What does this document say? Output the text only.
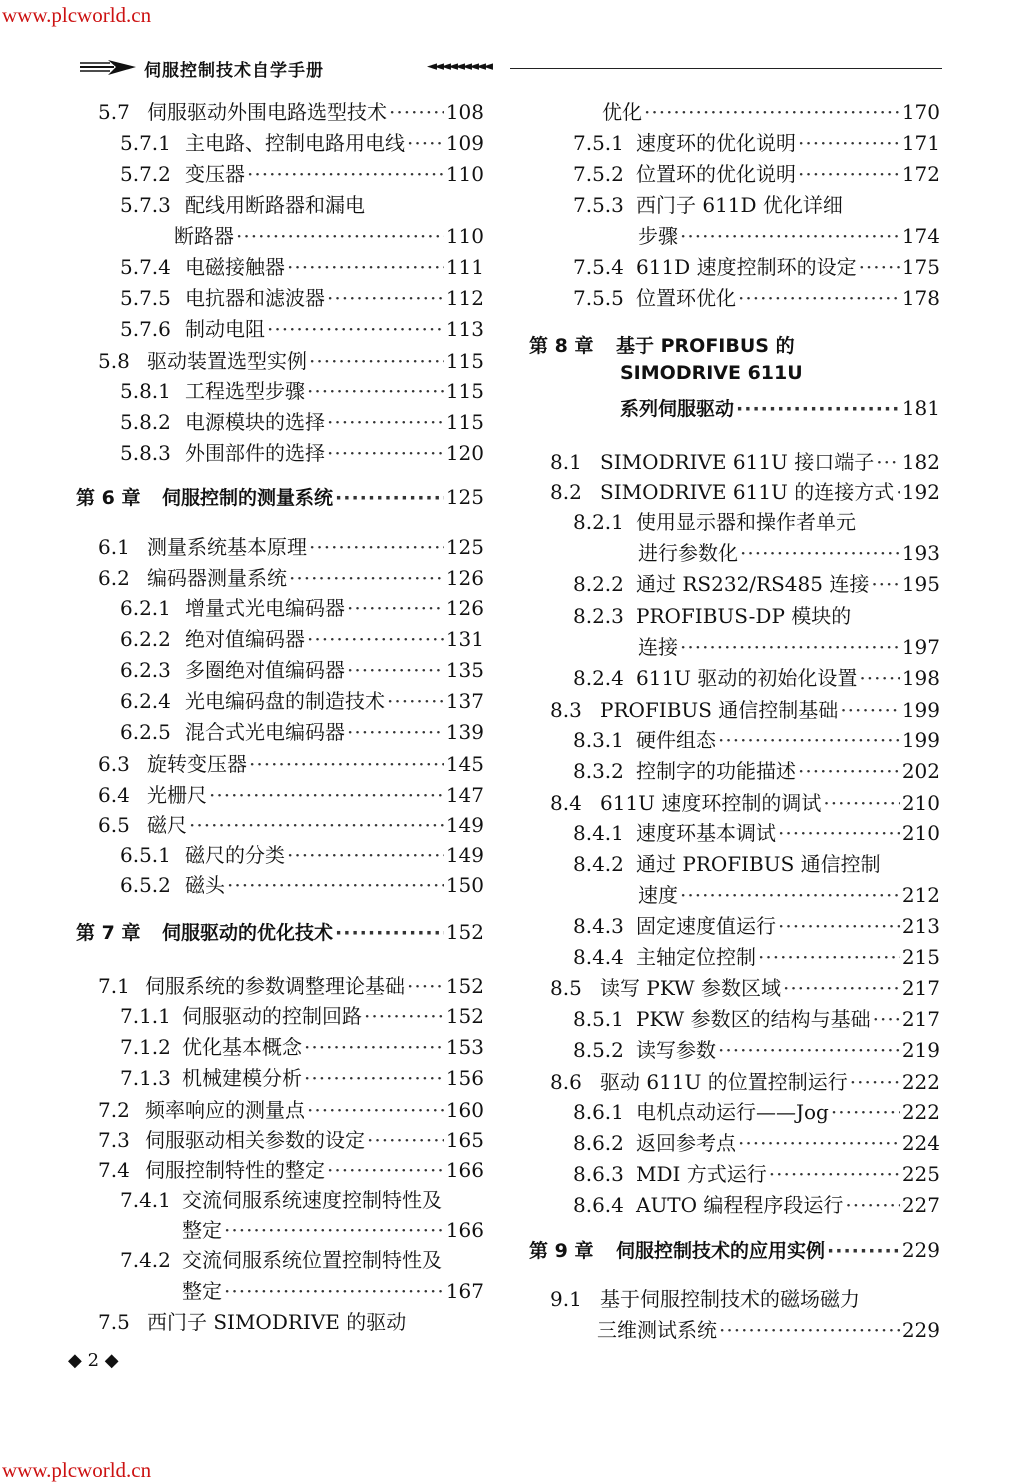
www.plcworld.cn
伺服控制技术自学手册	◄◄◄◄◄◄◄◄◄
5.7 伺服驱动外围电路选型技术 ·····	108
5.7.1 主电路、控制电路用电线 ····· 109
5.7.2 变压器 ·····	110
5.7.3 配线用断路器和漏电
断路器 ·····	110
5.7.4 电磁接触器 ·····	111
5.7.5 电抗器和滤波器 ·····	112
5.7.6 制动电阻 ·····	113
5.8 驱动装置选型实例 ·····	115
5.8.1 工程选型步骤 ·····	115
5.8.2 电源模块的选择 ·····	115
5.8.3 外围部件的选择 ·····	120
第 6 章	伺服控制的测量系统 ·····	125
6.1 测量系统基本原理 ·····	125
6.2 编码器测量系统 ·····	126
6.2.1 增量式光电编码器 ·····	126
6.2.2 绝对值编码器 ·····	131
6.2.3 多圈绝对值编码器 ·····	135
6.2.4 光电编码盘的制造技术 ·····	137
6.2.5 混合式光电编码器 ·····	139
6.3 旋转变压器 ·····	145
6.4 光栅尺 ·····	147
6.5 磁尺 ·····	149
6.5.1 磁尺的分类 ·····	149
6.5.2 磁头 ·····	150
第 7 章	伺服驱动的优化技术 ·····	152
7.1 伺服系统的参数调整理论基础 ····· 152
7.1.1 伺服驱动的控制回路 ·····	152
7.1.2 优化基本概念 ·····	153
7.1.3 机械建模分析 ·····	156
7.2 频率响应的测量点 ·····	160
7.3 伺服驱动相关参数的设定 ·····	165
7.4 伺服控制特性的整定 ·····	166
7.4.1 交流伺服系统速度控制特性及
整定 ·····	166
7.4.2 交流伺服系统位置控制特性及
整定 ·····	167
7.5 西门子 SIMODRIVE 的驱动
优化 ·····	170
7.5.1 速度环的优化说明 ·····	171
7.5.2 位置环的优化说明 ·····	172
7.5.3 西门子 611D 优化详细
步骤 ·····	174
7.5.4 611D 速度控制环的设定 ····· 175
7.5.5 位置环优化 ·····	178
第 8 章	基于 PROFIBUS 的
SIMODRIVE 611U
系列伺服驱动 ·····	181
8.1 SIMODRIVE 611U 接口端子 ····· 182
8.2 SIMODRIVE 611U 的连接方式 ····· 192
8.2.1 使用显示器和操作者单元
进行参数化 ·····	193
8.2.2 通过 RS232/RS485 连接 ····· 195
8.2.3 PROFIBUS-DP 模块的
连接 ·····	197
8.2.4 611U 驱动的初始化设置 ····· 198
8.3 PROFIBUS 通信控制基础 ·····	199
8.3.1 硬件组态 ·····	199
8.3.2 控制字的功能描述 ·····	202
8.4 611U 速度环控制的调试 ·····	210
8.4.1 速度环基本调试 ·····	210
8.4.2 通过 PROFIBUS 通信控制
速度 ·····	212
8.4.3 固定速度值运行 ·····	213
8.4.4 主轴定位控制 ·····	215
8.5 读写 PKW 参数区域 ·····	217
8.5.1 PKW 参数区的结构与基础 ····· 217
8.5.2 读写参数 ·····	219
8.6 驱动 611U 的位置控制运行 ·····	222
8.6.1 电机点动运行——Jog ·····	222
8.6.2 返回参考点 ·····	224
8.6.3 MDI 方式运行 ·····	225
8.6.4 AUTO 编程程序段运行 ·····	227
第 9 章	伺服控制技术的应用实例 ·····	229
9.1 基于伺服控制技术的磁场磁力
三维测试系统 ·····	229
◆ 2 ◆
www.plcworld.cn
